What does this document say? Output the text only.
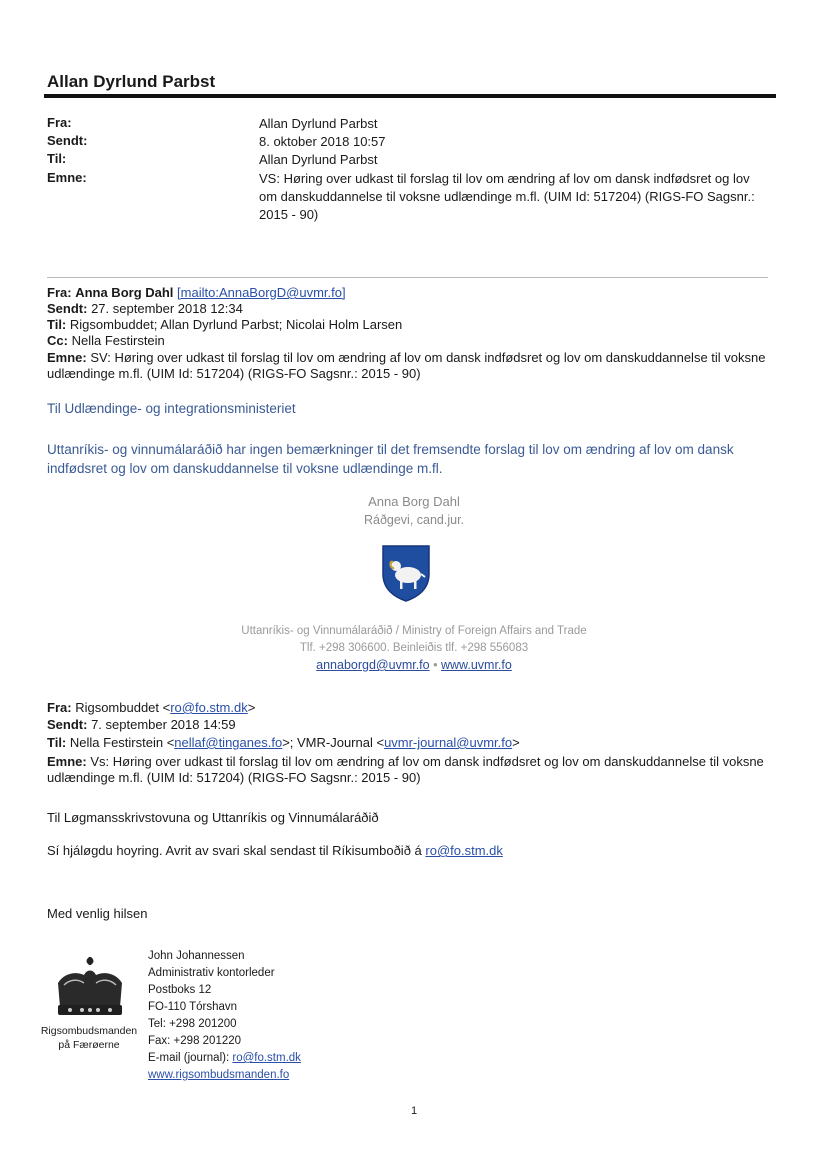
Allan Dyrlund Parbst
Fra:	Allan Dyrlund Parbst
Sendt:	8. oktober 2018 10:57
Til:	Allan Dyrlund Parbst
Emne:	VS: Høring over udkast til forslag til lov om ændring af lov om dansk indfødsret og lov om danskuddannelse til voksne udlændinge m.fl. (UIM Id: 517204) (RIGS-FO Sagsnr.: 2015 - 90)
Fra: Anna Borg Dahl [mailto:AnnaBorgD@uvmr.fo]
Sendt: 27. september 2018 12:34
Til: Rigsombuddet; Allan Dyrlund Parbst; Nicolai Holm Larsen
Cc: Nella Festirstein
Emne: SV: Høring over udkast til forslag til lov om ændring af lov om dansk indfødsret og lov om danskuddannelse til voksne udlændinge m.fl. (UIM Id: 517204) (RIGS-FO Sagsnr.: 2015 - 90)
Til Udlændinge- og integrationsministeriet
Uttanríkis- og vinnumálaráðið har ingen bemærkninger til det fremsendte forslag til lov om ændring af lov om dansk indfødsret og lov om danskuddannelse til voksne udlændinge m.fl.
Anna Borg Dahl
Ráðgevi, cand.jur.
Uttanríkis- og Vinnumálaráðið / Ministry of Foreign Affairs and Trade
Tlf. +298 306600. Beinleiðis tlf. +298 556083
annaborgd@uvmr.fo • www.uvmr.fo
Fra: Rigsombuddet <ro@fo.stm.dk>
Sendt: 7. september 2018 14:59
Til: Nella Festirstein <nellaf@tinganes.fo>; VMR-Journal <uvmr-journal@uvmr.fo>
Emne: Vs: Høring over udkast til forslag til lov om ændring af lov om dansk indfødsret og lov om danskuddannelse til voksne udlændinge m.fl. (UIM Id: 517204) (RIGS-FO Sagsnr.: 2015 - 90)
Til Løgmansskrivstovuna og Uttanríkis og Vinnumálaráðið
Sí hjáløgdu hoyring. Avrit av svari skal sendast til Ríkisumboðið á ro@fo.stm.dk
Med venlig hilsen
Rigsombudsmanden
på Færøerne
John Johannessen
Administrativ kontorleder
Postboks 12
FO-110 Tórshavn
Tel: +298 201200
Fax: +298 201220
E-mail (journal): ro@fo.stm.dk
www.rigsombudsmanden.fo
1
